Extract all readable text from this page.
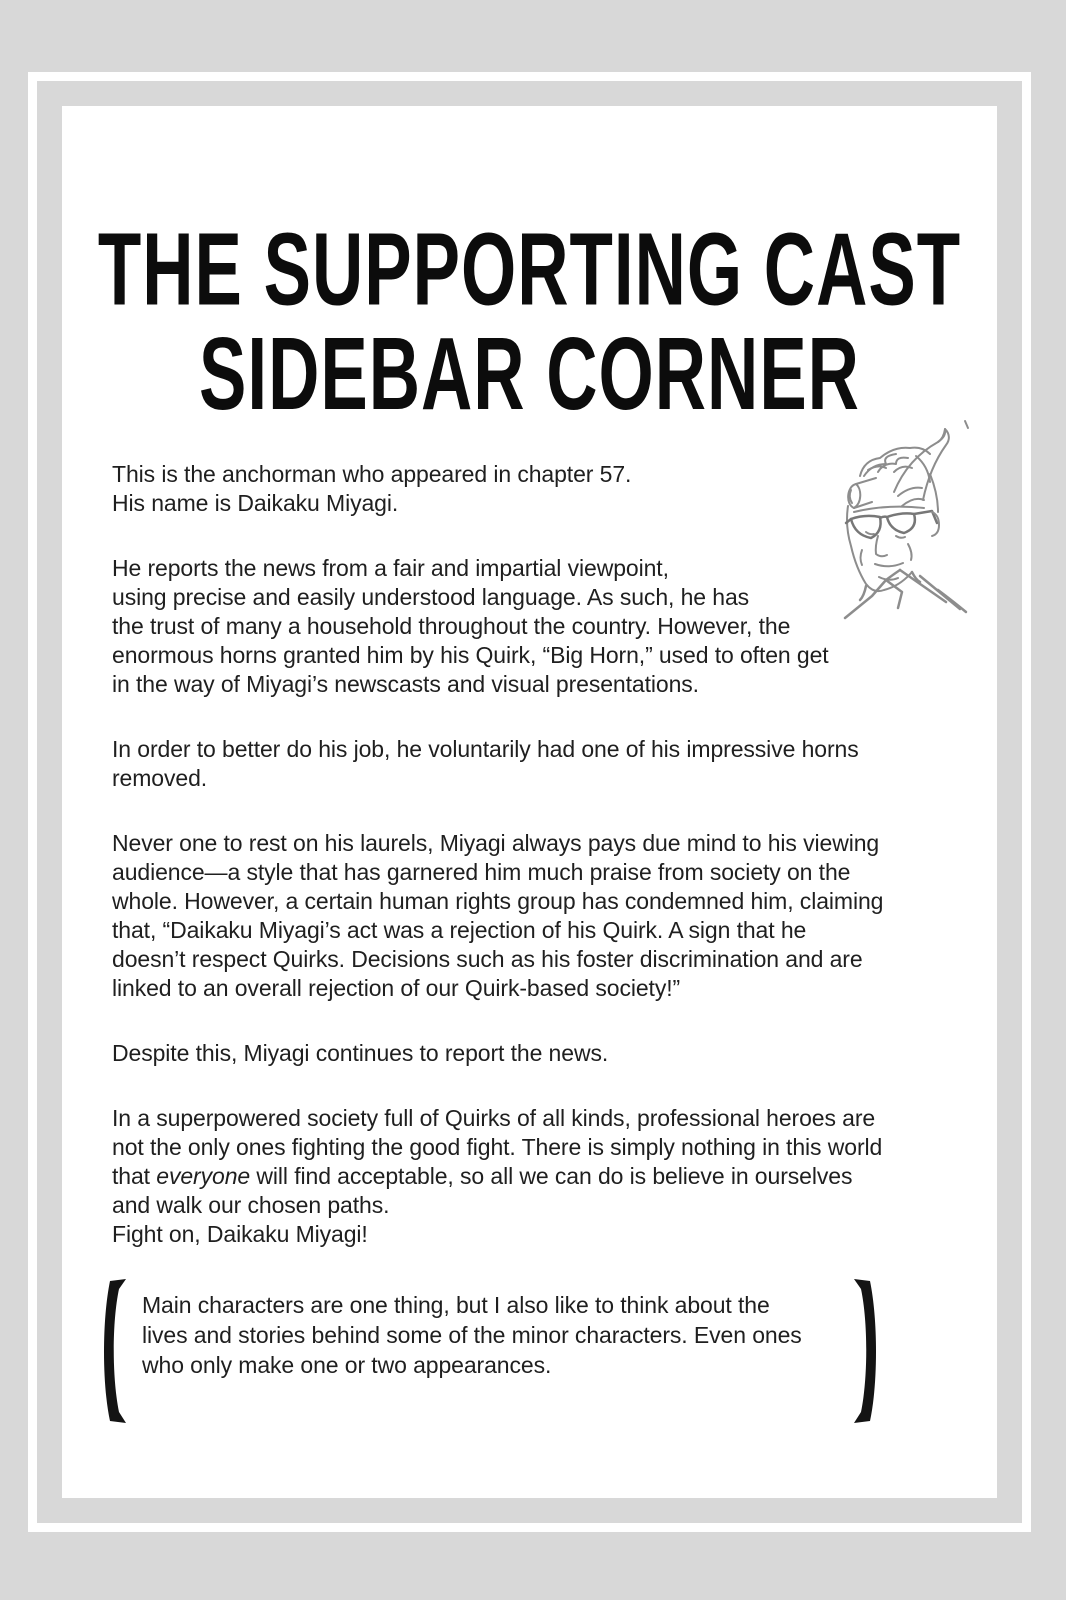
THE SUPPORTING CAST
SIDEBAR CORNER

This is the anchorman who appeared in chapter 57.
His name is Daikaku Miyagi.

He reports the news from a fair and impartial viewpoint,
using precise and easily understood language. As such, he has
the trust of many a household throughout the country. However, the
enormous horns granted him by his Quirk, “Big Horn,” used to often get
in the way of Miyagi’s newscasts and visual presentations.

In order to better do his job, he voluntarily had one of his impressive horns
removed.

Never one to rest on his laurels, Miyagi always pays due mind to his viewing
audience—a style that has garnered him much praise from society on the
whole. However, a certain human rights group has condemned him, claiming
that, “Daikaku Miyagi’s act was a rejection of his Quirk. A sign that he
doesn’t respect Quirks. Decisions such as his foster discrimination and are
linked to an overall rejection of our Quirk-based society!”

Despite this, Miyagi continues to report the news.

In a superpowered society full of Quirks of all kinds, professional heroes are
not the only ones fighting the good fight. There is simply nothing in this world
that everyone will find acceptable, so all we can do is believe in ourselves
and walk our chosen paths.
Fight on, Daikaku Miyagi!

Main characters are one thing, but I also like to think about the
lives and stories behind some of the minor characters. Even ones
who only make one or two appearances.
